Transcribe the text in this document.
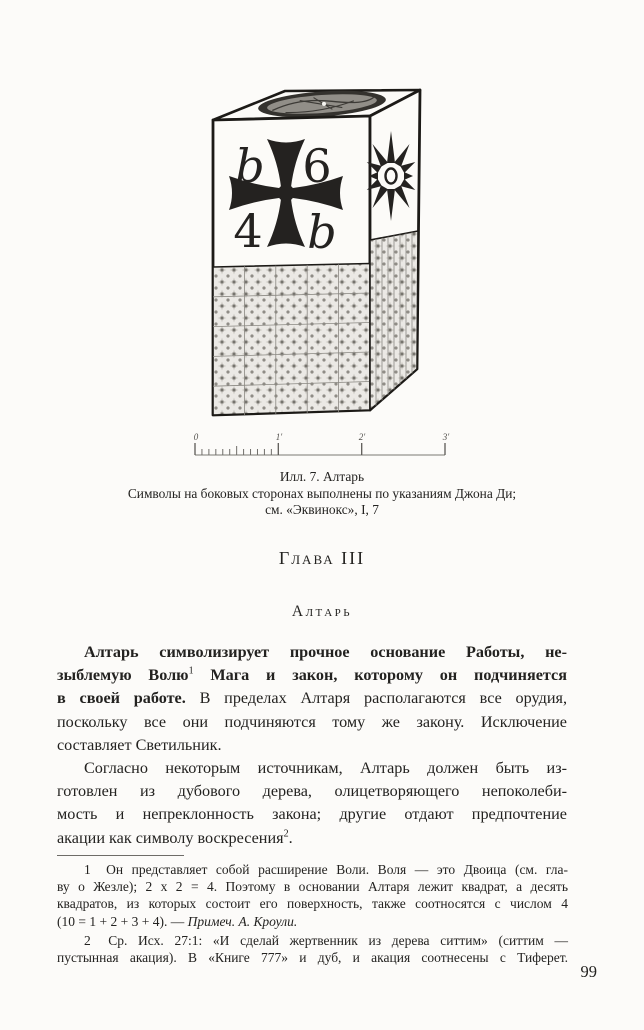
b 6
4 b
0	1'	2'	3'
Илл. 7. Алтарь
Символы на боковых сторонах выполнены по указаниям Джона Ди;
см. «Эквинокс», I, 7
Глава III
Алтарь
Алтарь символизирует прочное основание Работы, не-
зыблемую Волю$^1$ Мага и закон, которому он подчиняется
в своей работе. В пределах Алтаря располагаются все орудия,
поскольку все они подчиняются тому же закону. Исключение
составляет Светильник.
Согласно некоторым источникам, Алтарь должен быть из-
готовлен из дубового дерева, олицетворяющего непоколеби-
мость и непреклонность закона; другие отдают предпочтение
акации как символу воскресения$^2$.
1  Он представляет собой расширение Воли. Воля — это Двоица (см. гла-
ву о Жезле); 2 х 2 = 4. Поэтому в основании Алтаря лежит квадрат, а десять
квадратов, из которых состоит его поверхность, также соотносятся с числом 4
(10 = 1 + 2 + 3 + 4). — Примеч. А. Кроули.
2  Ср. Исх. 27:1: «И сделай жертвенник из дерева ситтим» (ситтим —
пустынная акация). В «Книге 777» и дуб, и акация соотнесены с Тиферет.
99
